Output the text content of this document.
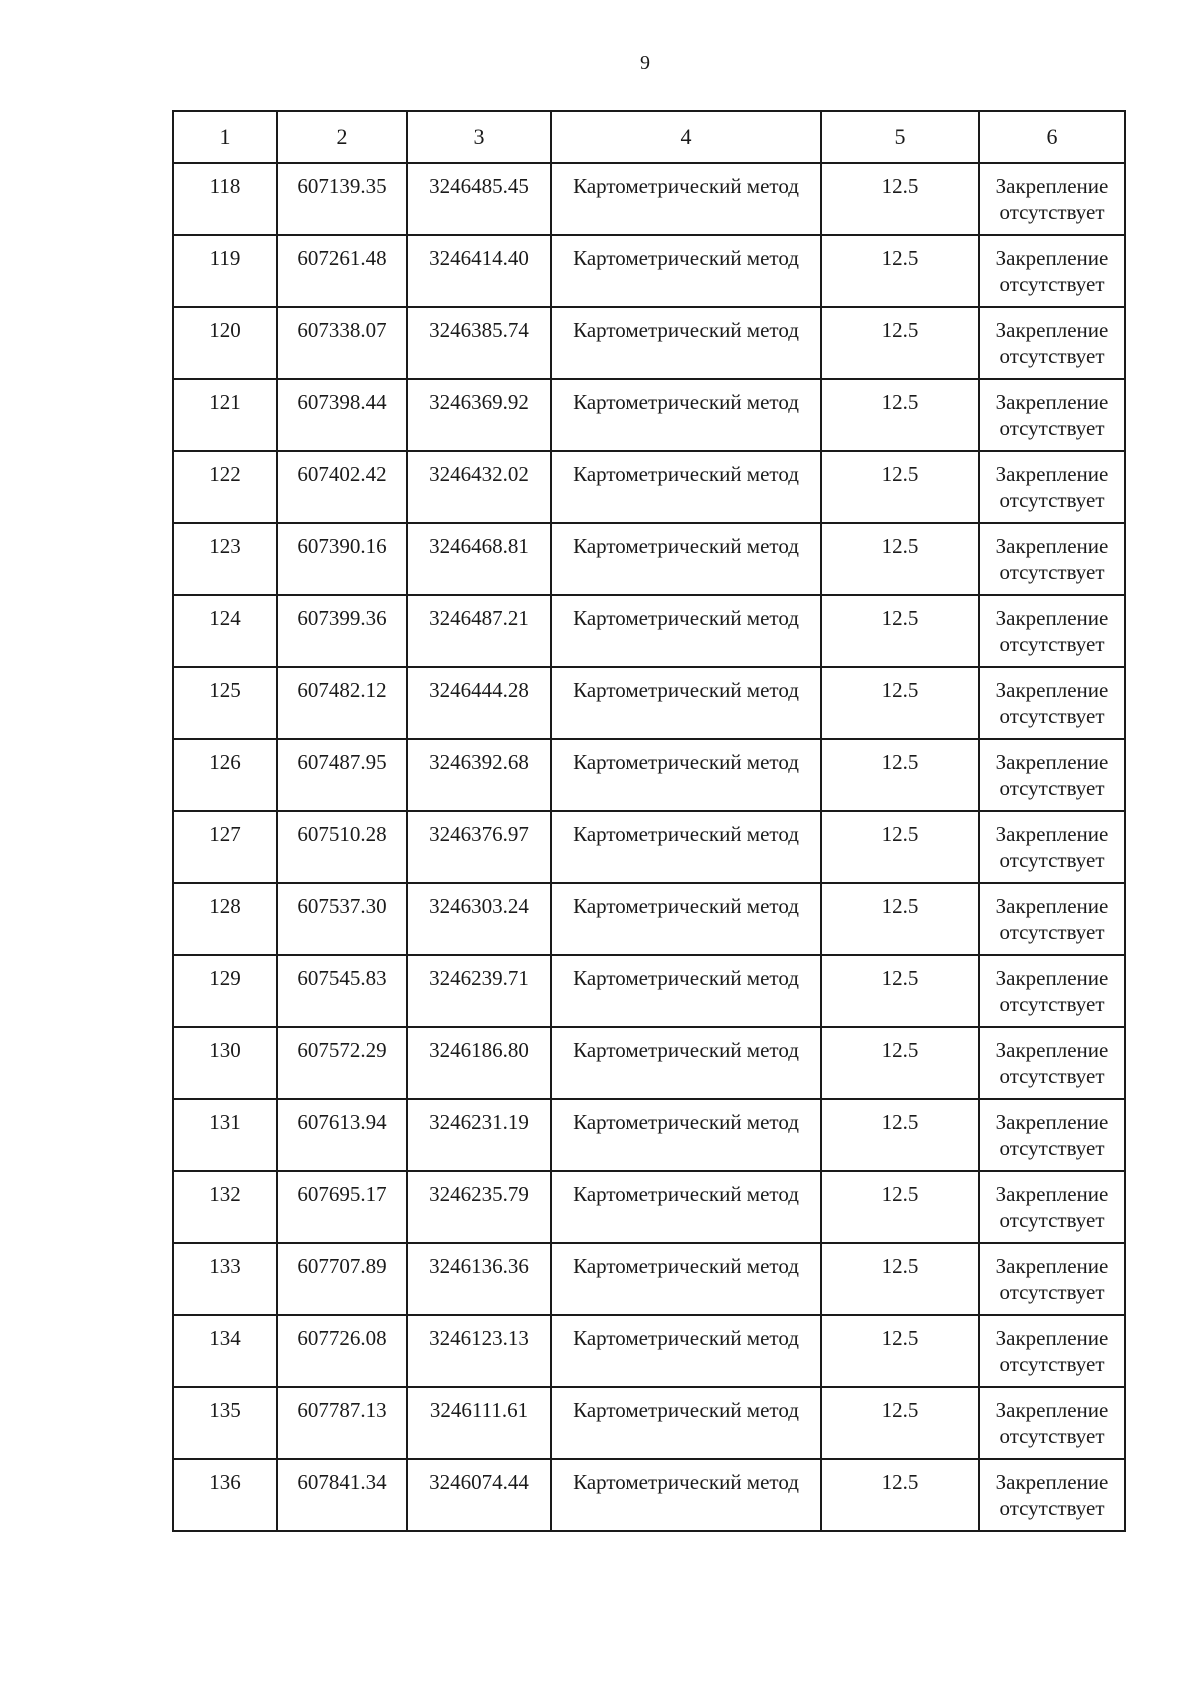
9
1	2	3	4	5	6
118	607139.35	3246485.45	Картометрический метод	12.5	Закрепление
отсутствует

119	607261.48	3246414.40	Картометрический метод	12.5	Закрепление
отсутствует

120	607338.07	3246385.74	Картометрический метод	12.5	Закрепление
отсутствует

121	607398.44	3246369.92	Картометрический метод	12.5	Закрепление
отсутствует

122	607402.42	3246432.02	Картометрический метод	12.5	Закрепление
отсутствует

123	607390.16	3246468.81	Картометрический метод	12.5	Закрепление
отсутствует

124	607399.36	3246487.21	Картометрический метод	12.5	Закрепление
отсутствует

125	607482.12	3246444.28	Картометрический метод	12.5	Закрепление
отсутствует

126	607487.95	3246392.68	Картометрический метод	12.5	Закрепление
отсутствует

127	607510.28	3246376.97	Картометрический метод	12.5	Закрепление
отсутствует

128	607537.30	3246303.24	Картометрический метод	12.5	Закрепление
отсутствует

129	607545.83	3246239.71	Картометрический метод	12.5	Закрепление
отсутствует

130	607572.29	3246186.80	Картометрический метод	12.5	Закрепление
отсутствует

131	607613.94	3246231.19	Картометрический метод	12.5	Закрепление
отсутствует

132	607695.17	3246235.79	Картометрический метод	12.5	Закрепление
отсутствует

133	607707.89	3246136.36	Картометрический метод	12.5	Закрепление
отсутствует

134	607726.08	3246123.13	Картометрический метод	12.5	Закрепление
отсутствует

135	607787.13	3246111.61	Картометрический метод	12.5	Закрепление
отсутствует

136	607841.34	3246074.44	Картометрический метод	12.5	Закрепление
отсутствует
